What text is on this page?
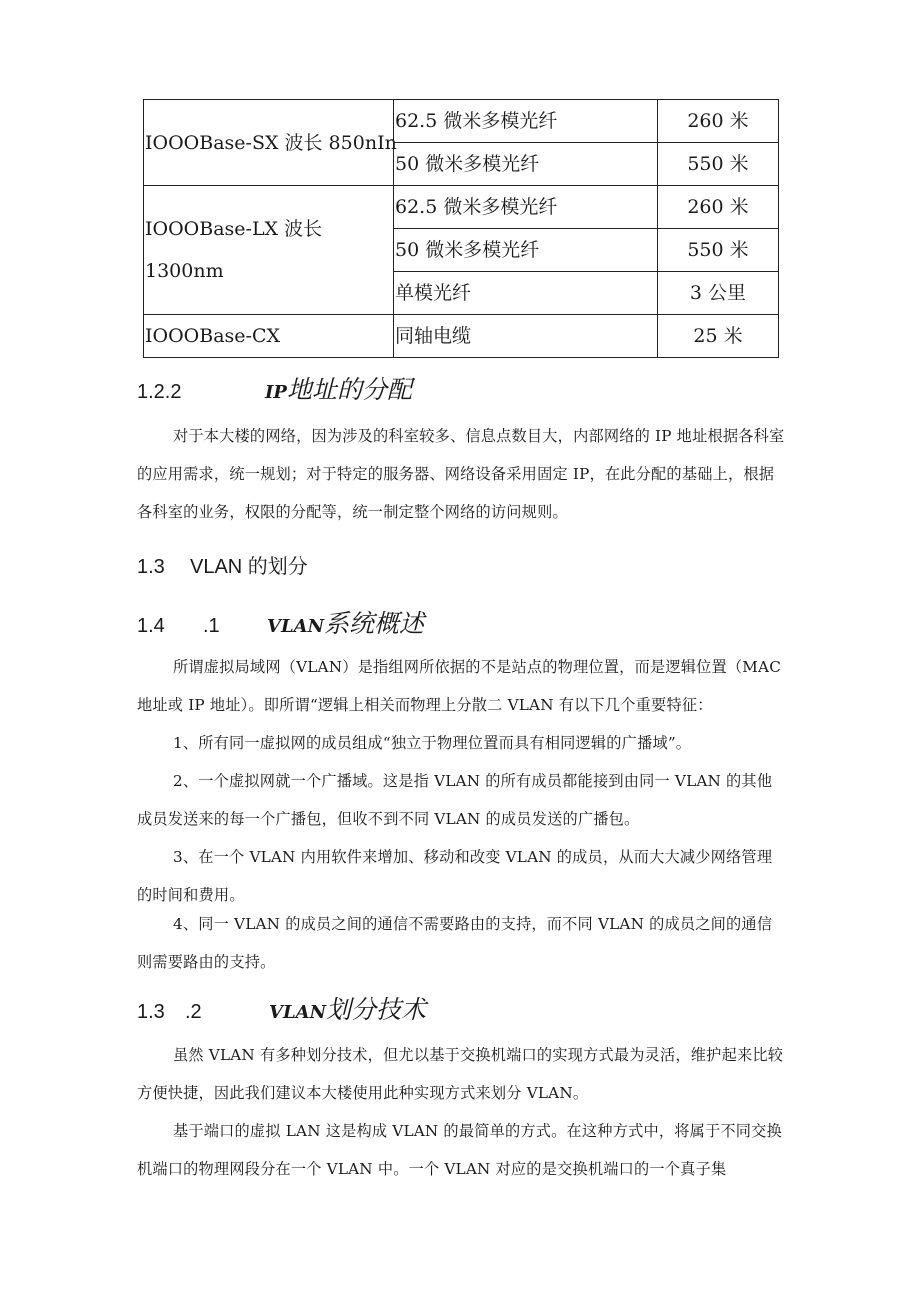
IOOOBase-SX 波长 850nIn	62.5 微米多模光纤	260 米
	50 微米多模光纤	550 米
IOOOBase-LX 波长 1300nm	62.5 微米多模光纤	260 米
	50 微米多模光纤	550 米
	单模光纤	3 公里
IOOOBase-CX	同轴电缆	25 米
1.2.2	IP地址的分配
对于本大楼的网络，因为涉及的科室较多、信息点数目大，内部网络的 IP 地址根据各科室的应用需求，统一规划；对于特定的服务器、网络设备采用固定 IP，在此分配的基础上，根据各科室的业务，权限的分配等，统一制定整个网络的访问规则。
1.3 VLAN 的划分
1.4 .1	VLAN系统概述
所谓虚拟局域网（VLAN）是指组网所依据的不是站点的物理位置，而是逻辑位置（MAC 地址或 IP 地址）。即所谓“逻辑上相关而物理上分散二 VLAN 有以下几个重要特征：
1、所有同一虚拟网的成员组成“独立于物理位置而具有相同逻辑的广播域”。
2、一个虚拟网就一个广播域。这是指 VLAN 的所有成员都能接到由同一 VLAN 的其他成员发送来的每一个广播包，但收不到不同 VLAN 的成员发送的广播包。
3、在一个 VLAN 内用软件来增加、移动和改变 VLAN 的成员，从而大大减少网络管理的时间和费用。
4、同一 VLAN 的成员之间的通信不需要路由的支持，而不同 VLAN 的成员之间的通信则需要路由的支持。
1.3 .2	VLAN划分技术
虽然 VLAN 有多种划分技术，但尤以基于交换机端口的实现方式最为灵活，维护起来比较方便快捷，因此我们建议本大楼使用此种实现方式来划分 VLAN。
基于端口的虚拟 LAN 这是构成 VLAN 的最简单的方式。在这种方式中，将属于不同交换机端口的物理网段分在一个 VLAN 中。一个 VLAN 对应的是交换机端口的一个真子集
